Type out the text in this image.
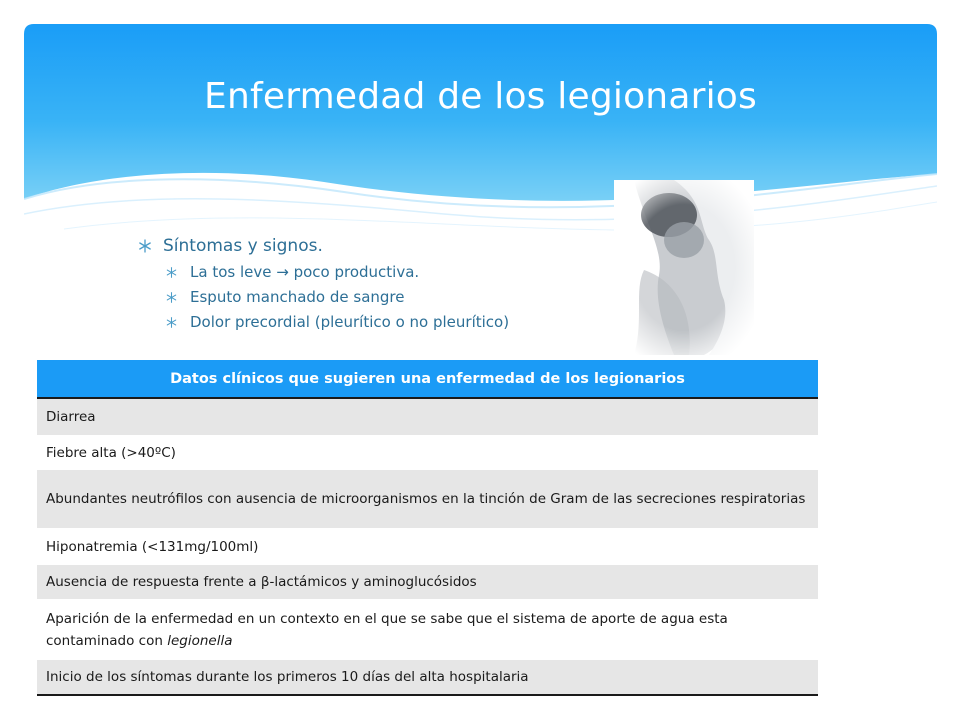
Enfermedad de los legionarios
Síntomas y signos.
La tos leve → poco productiva.
Esputo manchado de sangre
Dolor precordial (pleurítico o no pleurítico)
Datos clínicos que sugieren una enfermedad de los legionarios
Diarrea
Fiebre alta (>40ºC)
Abundantes neutrófilos con ausencia de microorganismos en la tinción de Gram de las secreciones respiratorias
Hiponatremia (<131mg/100ml)
Ausencia de respuesta frente a β-lactámicos y aminoglucósidos
Aparición de la enfermedad en un contexto en el que se sabe que el sistema de aporte de agua esta contaminado con legionella
Inicio de los síntomas durante los primeros 10 días del alta hospitalaria
